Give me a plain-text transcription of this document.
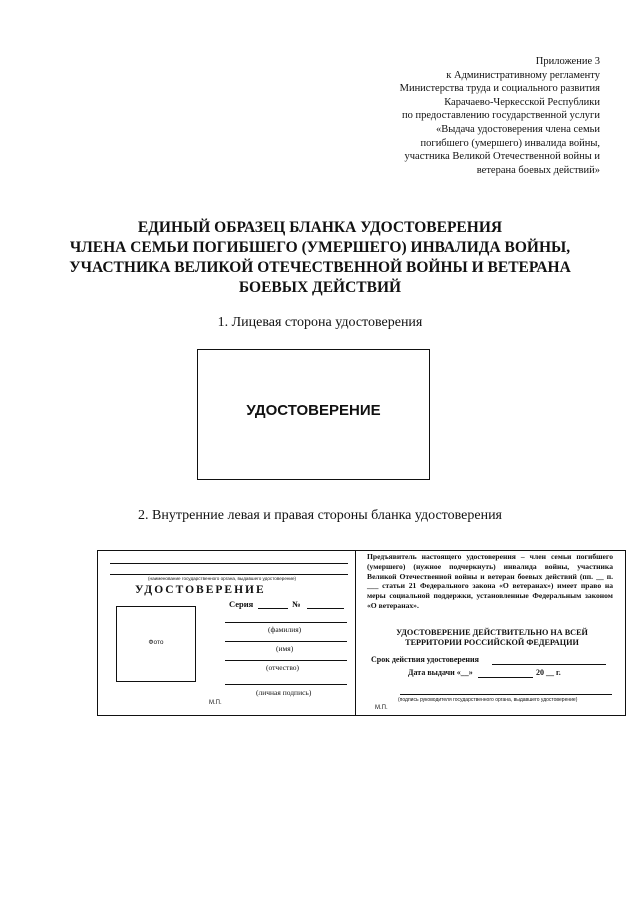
Приложение 3
к Административному регламенту
Министерства труда и социального развития
Карачаево-Черкесской Республики
по предоставлению государственной услуги
«Выдача удостоверения члена семьи
погибшего (умершего) инвалида войны,
участника Великой Отечественной войны и
ветерана боевых действий»
ЕДИНЫЙ ОБРАЗЕЦ БЛАНКА УДОСТОВЕРЕНИЯ
ЧЛЕНА СЕМЬИ ПОГИБШЕГО (УМЕРШЕГО) ИНВАЛИДА ВОЙНЫ,
УЧАСТНИКА ВЕЛИКОЙ ОТЕЧЕСТВЕННОЙ ВОЙНЫ И ВЕТЕРАНА
БОЕВЫХ ДЕЙСТВИЙ
1. Лицевая сторона удостоверения
УДОСТОВЕРЕНИЕ
2. Внутренние левая и правая стороны бланка удостоверения
(наименование государственного органа, выдавшего удостоверение)
УДОСТОВЕРЕНИЕ
Серия	№
Фото
(фамилия)
(имя)
(отчество)
(личная подпись)
М.П.
Предъявитель настоящего удостоверения – член семьи погибшего (умершего) (нужное подчеркнуть) инвалида войны, участника Великой Отечественной войны и ветеран боевых действий (пп. __ п. ___ статьи 21 Федерального закона «О ветеранах») имеет право на меры социальной поддержки, установленные Федеральным законом «О ветеранах».
УДОСТОВЕРЕНИЕ ДЕЙСТВИТЕЛЬНО НА ВСЕЙ
ТЕРРИТОРИИ РОССИЙСКОЙ ФЕДЕРАЦИИ
Срок действия удостоверения
Дата выдачи «__»	20 __ г.
(подпись руководителя государственного органа, выдавшего удостоверение)
М.П.
